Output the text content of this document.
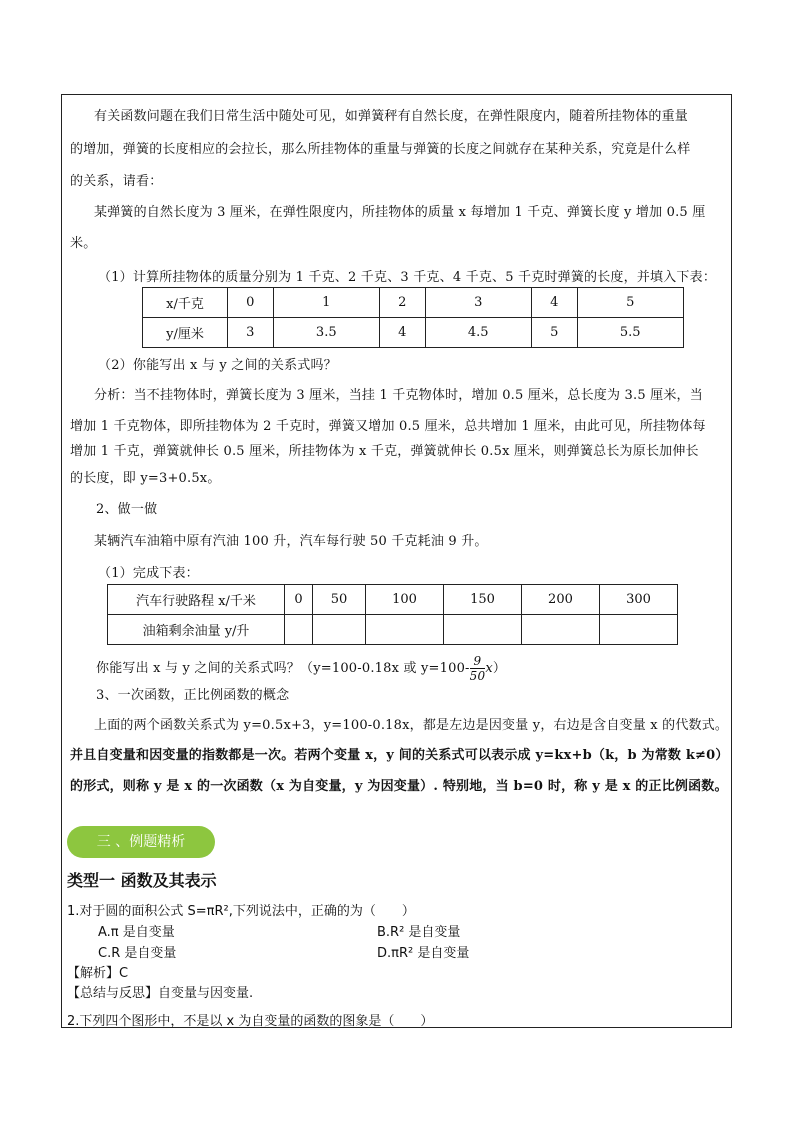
有关函数问题在我们日常生活中随处可见，如弹簧秤有自然长度，在弹性限度内，随着所挂物体的重量
的增加，弹簧的长度相应的会拉长，那么所挂物体的重量与弹簧的长度之间就存在某种关系，究竟是什么样
的关系，请看：
某弹簧的自然长度为 3 厘米，在弹性限度内，所挂物体的质量 x 每增加 1 千克、弹簧长度 y 增加 0.5 厘
米。
（1）计算所挂物体的质量分别为 1 千克、2 千克、3 千克、4 千克、5 千克时弹簧的长度，并填入下表：
x/千克	0	1	2	3	4	5
y/厘米	3	3.5	4	4.5	5	5.5
（2）你能写出 x 与 y 之间的关系式吗？
分析：当不挂物体时，弹簧长度为 3 厘米，当挂 1 千克物体时，增加 0.5 厘米，总长度为 3.5 厘米，当
增加 1 千克物体，即所挂物体为 2 千克时，弹簧又增加 0.5 厘米，总共增加 1 厘米，由此可见，所挂物体每
增加 1 千克，弹簧就伸长 0.5 厘米，所挂物体为 x 千克，弹簧就伸长 0.5x 厘米，则弹簧总长为原长加伸长
的长度，即 y=3+0.5x。
2、做一做
某辆汽车油箱中原有汽油 100 升，汽车每行驶 50 千克耗油 9 升。
（1）完成下表：
汽车行驶路程 x/千米	0	50	100	150	200	300
油箱剩余油量 y/升						
你能写出 x 与 y 之间的关系式吗？（y=100-0.18x 或 $y=100- \frac{9}{50} x$）
3、一次函数，正比例函数的概念
上面的两个函数关系式为 y=0.5x+3，y=100-0.18x，都是左边是因变量 y，右边是含自变量 x 的代数式。
并且自变量和因变量的指数都是一次。若两个变量 x，y 间的关系式可以表示成 y=kx+b（k，b 为常数 k≠0）
的形式，则称 y 是 x 的一次函数（x 为自变量，y 为因变量）. 特别地，当 b=0 时，称 y 是 x 的正比例函数。
三 、例题精析
类型一 函数及其表示
1.对于圆的面积公式 S=πR²,下列说法中，正确的为（　　）
A.π 是自变量	B.R² 是自变量
C.R 是自变量	D.πR² 是自变量
【解析】C
【总结与反思】自变量与因变量.
2.下列四个图形中，不是以 x 为自变量的函数的图象是（　　）
